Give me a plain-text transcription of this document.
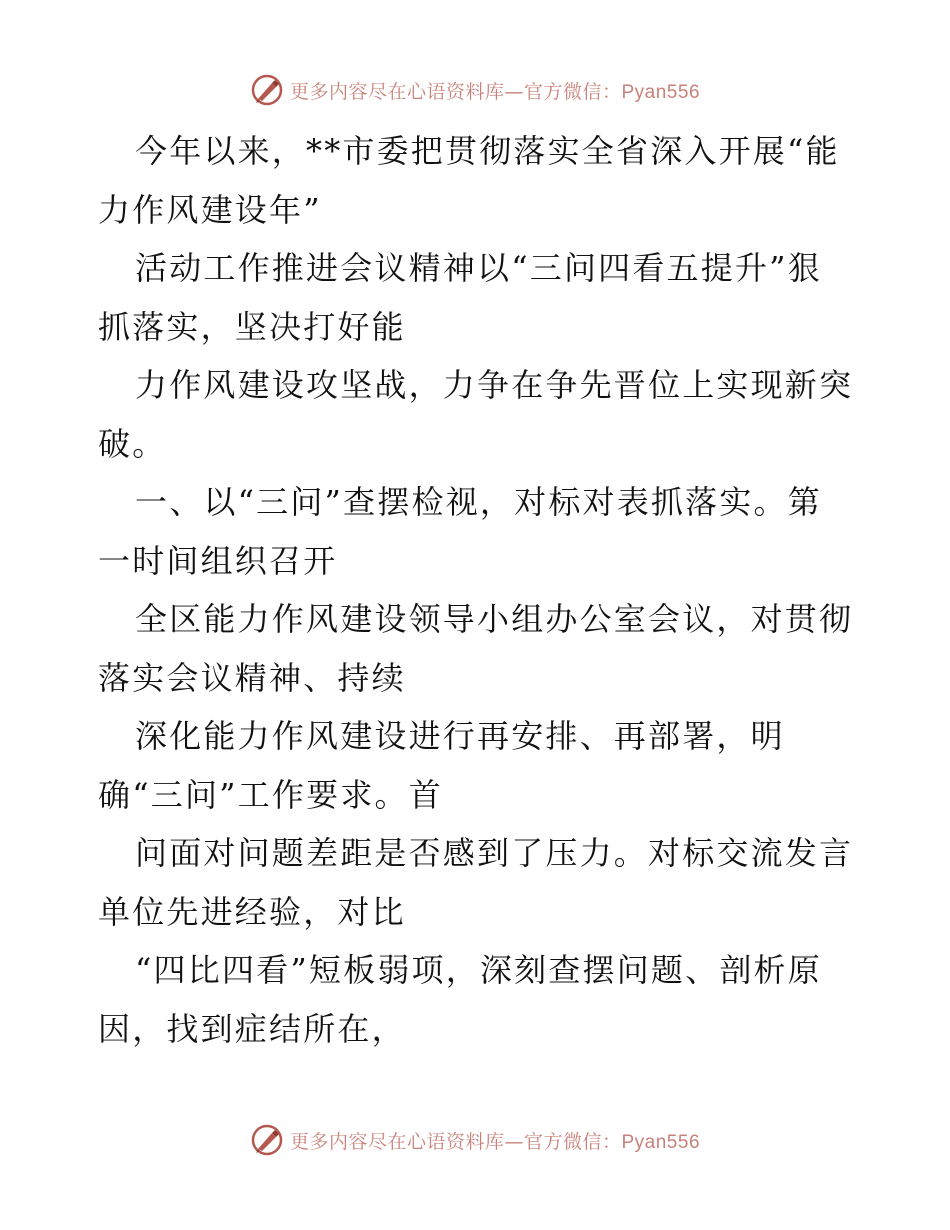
更多内容尽在心语资料库—官方微信：Pyan556
今年以来，**市委把贯彻落实全省深入开展“能
力作风建设年”
活动工作推进会议精神以“三问四看五提升”狠
抓落实，坚决打好能
力作风建设攻坚战，力争在争先晋位上实现新突
破。
一、以“三问”查摆检视，对标对表抓落实。第
一时间组织召开
全区能力作风建设领导小组办公室会议，对贯彻
落实会议精神、持续
深化能力作风建设进行再安排、再部署，明
确“三问”工作要求。首
问面对问题差距是否感到了压力。对标交流发言
单位先进经验，对比
“四比四看”短板弱项，深刻查摆问题、剖析原
因，找到症结所在，
更多内容尽在心语资料库—官方微信：Pyan556
